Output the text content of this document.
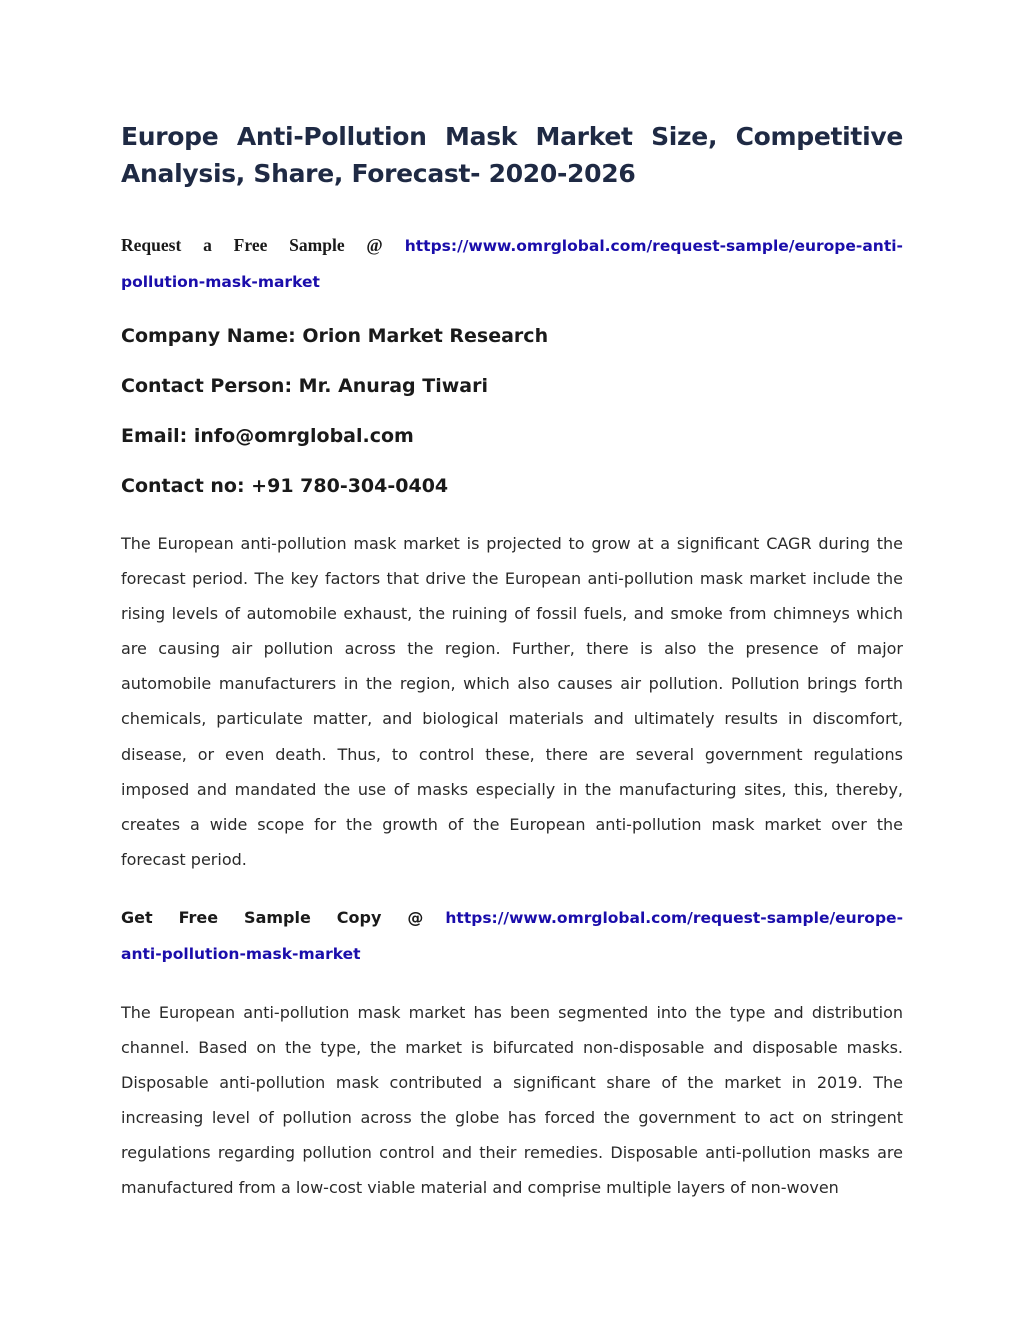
Europe Anti-Pollution Mask Market Size, Competitive
Analysis, Share, Forecast- 2020-2026

Request a Free Sample @ https://www.omrglobal.com/request-sample/europe-anti-pollution-mask-market

Company Name: Orion Market Research

Contact Person: Mr. Anurag Tiwari

Email: info@omrglobal.com

Contact no: +91 780-304-0404

The European anti-pollution mask market is projected to grow at a significant CAGR during the forecast period. The key factors that drive the European anti-pollution mask market include the rising levels of automobile exhaust, the ruining of fossil fuels, and smoke from chimneys which are causing air pollution across the region. Further, there is also the presence of major automobile manufacturers in the region, which also causes air pollution. Pollution brings forth chemicals, particulate matter, and biological materials and ultimately results in discomfort, disease, or even death. Thus, to control these, there are several government regulations imposed and mandated the use of masks especially in the manufacturing sites, this, thereby, creates a wide scope for the growth of the European anti-pollution mask market over the forecast period.

Get Free Sample Copy @ https://www.omrglobal.com/request-sample/europe-anti-pollution-mask-market

The European anti-pollution mask market has been segmented into the type and distribution channel. Based on the type, the market is bifurcated non-disposable and disposable masks. Disposable anti-pollution mask contributed a significant share of the market in 2019. The increasing level of pollution across the globe has forced the government to act on stringent regulations regarding pollution control and their remedies. Disposable anti-pollution masks are manufactured from a low-cost viable material and comprise multiple layers of non-woven
